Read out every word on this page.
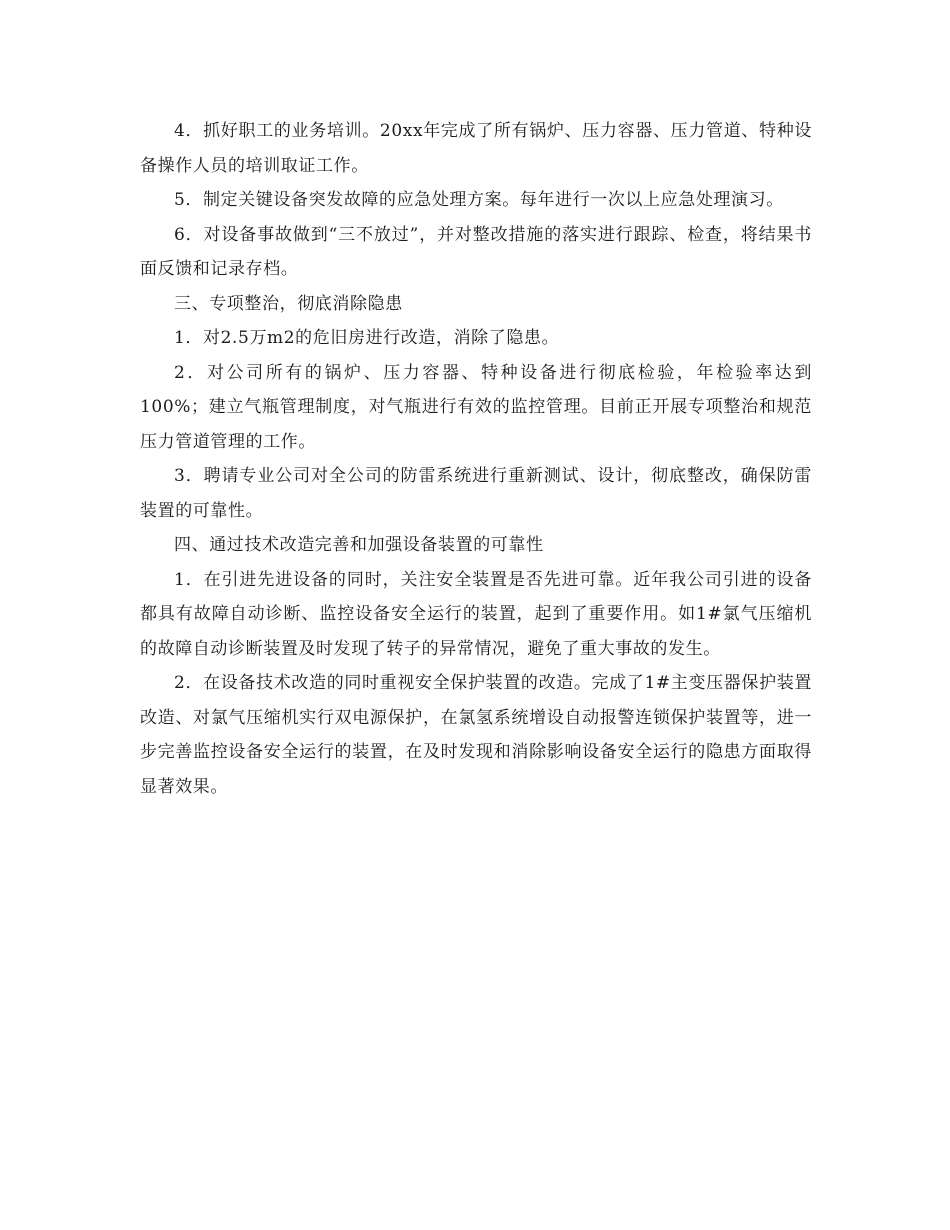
4．抓好职工的业务培训。20xx年完成了所有锅炉、压力容器、压力管道、特种设备操作人员的培训取证工作。

5．制定关键设备突发故障的应急处理方案。每年进行一次以上应急处理演习。

6．对设备事故做到“三不放过”，并对整改措施的落实进行跟踪、检查，将结果书面反馈和记录存档。

三、专项整治，彻底消除隐患

1．对2.5万m2的危旧房进行改造，消除了隐患。

2．对公司所有的锅炉、压力容器、特种设备进行彻底检验，年检验率达到100%；建立气瓶管理制度，对气瓶进行有效的监控管理。目前正开展专项整治和规范压力管道管理的工作。

3．聘请专业公司对全公司的防雷系统进行重新测试、设计，彻底整改，确保防雷装置的可靠性。

四、通过技术改造完善和加强设备装置的可靠性

1．在引进先进设备的同时，关注安全装置是否先进可靠。近年我公司引进的设备都具有故障自动诊断、监控设备安全运行的装置，起到了重要作用。如1#氯气压缩机的故障自动诊断装置及时发现了转子的异常情况，避免了重大事故的发生。

2．在设备技术改造的同时重视安全保护装置的改造。完成了1#主变压器保护装置改造、对氯气压缩机实行双电源保护，在氯氢系统增设自动报警连锁保护装置等，进一步完善监控设备安全运行的装置，在及时发现和消除影响设备安全运行的隐患方面取得显著效果。
